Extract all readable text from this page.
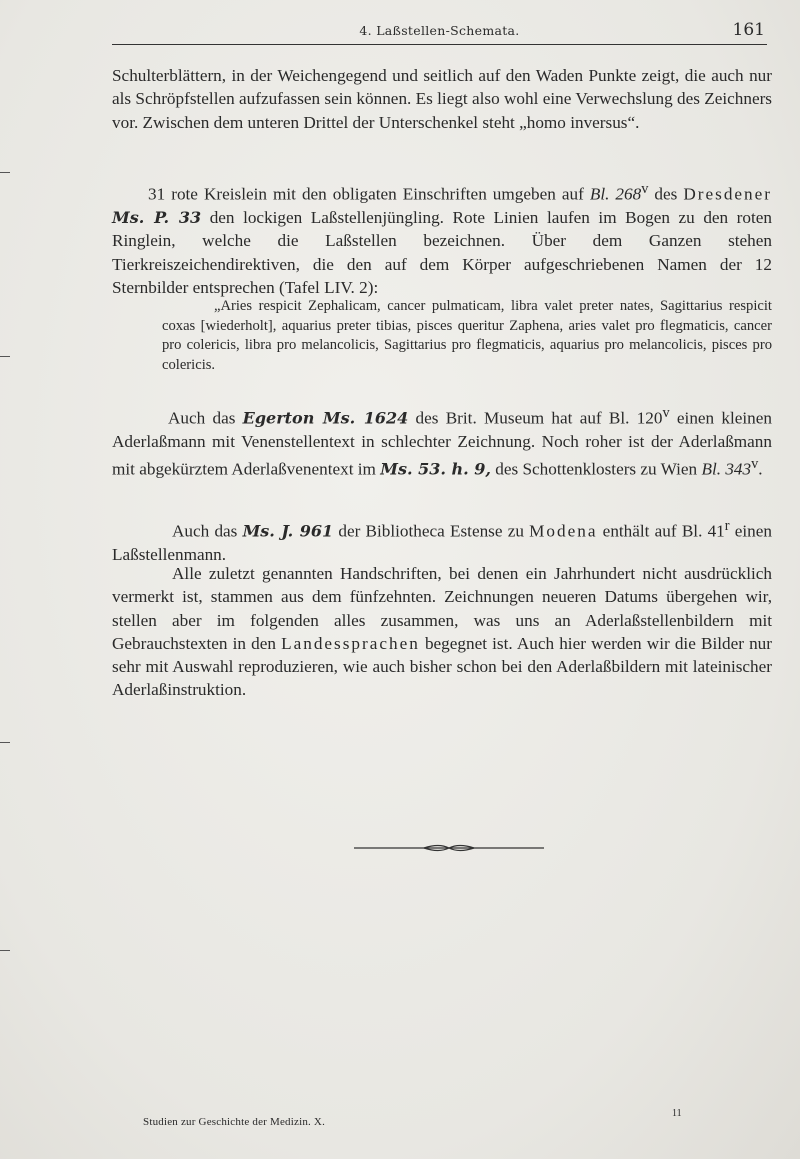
4. Laßstellen-Schemata.	161

Schulterblättern, in der Weichengegend und seitlich auf den Waden Punkte zeigt, die auch nur als Schröpfstellen aufzufassen sein können. Es liegt also wohl eine Verwechslung des Zeichners vor. Zwischen dem unteren Drittel der Unterschenkel steht „homo inversus“.

31 rote Kreislein mit den obligaten Einschriften umgeben auf Bl. 268$^v$ des Dresdener Ms. P. 33 den lockigen Laßstellenjüngling. Rote Linien laufen im Bogen zu den roten Ringlein, welche die Laßstellen bezeichnen. Über dem Ganzen stehen Tierkreiszeichendirektiven, die den auf dem Körper aufgeschriebenen Namen der 12 Sternbilder entsprechen (Tafel LIV. 2):

„Aries respicit Zephalicam, cancer pulmaticam, libra valet preter nates, Sagittarius respicit coxas [wiederholt], aquarius preter tibias, pisces queritur Zaphena, aries valet pro flegmaticis, cancer pro colericis, libra pro melancolicis, Sagittarius pro flegmaticis, aquarius pro melancolicis, pisces pro colericis.

Auch das Egerton Ms. 1624 des Brit. Museum hat auf Bl. 120$^v$ einen kleinen Aderlaßmann mit Venenstellentext in schlechter Zeichnung. Noch roher ist der Aderlaßmann mit abgekürztem Aderlaßvenentext im Ms. 53. h. 9, des Schottenklosters zu Wien Bl. 343$^v$.

Auch das Ms. J. 961 der Bibliotheca Estense zu Modena enthält auf Bl. 41$^r$ einen Laßstellenmann.

Alle zuletzt genannten Handschriften, bei denen ein Jahrhundert nicht ausdrücklich vermerkt ist, stammen aus dem fünfzehnten. Zeichnungen neueren Datums übergehen wir, stellen aber im folgenden alles zusammen, was uns an Aderlaßstellenbildern mit Gebrauchstexten in den Landessprachen begegnet ist. Auch hier werden wir die Bilder nur sehr mit Auswahl reproduzieren, wie auch bisher schon bei den Aderlaßbildern mit lateinischer Aderlaßinstruktion.

Studien zur Geschichte der Medizin. X.
11
